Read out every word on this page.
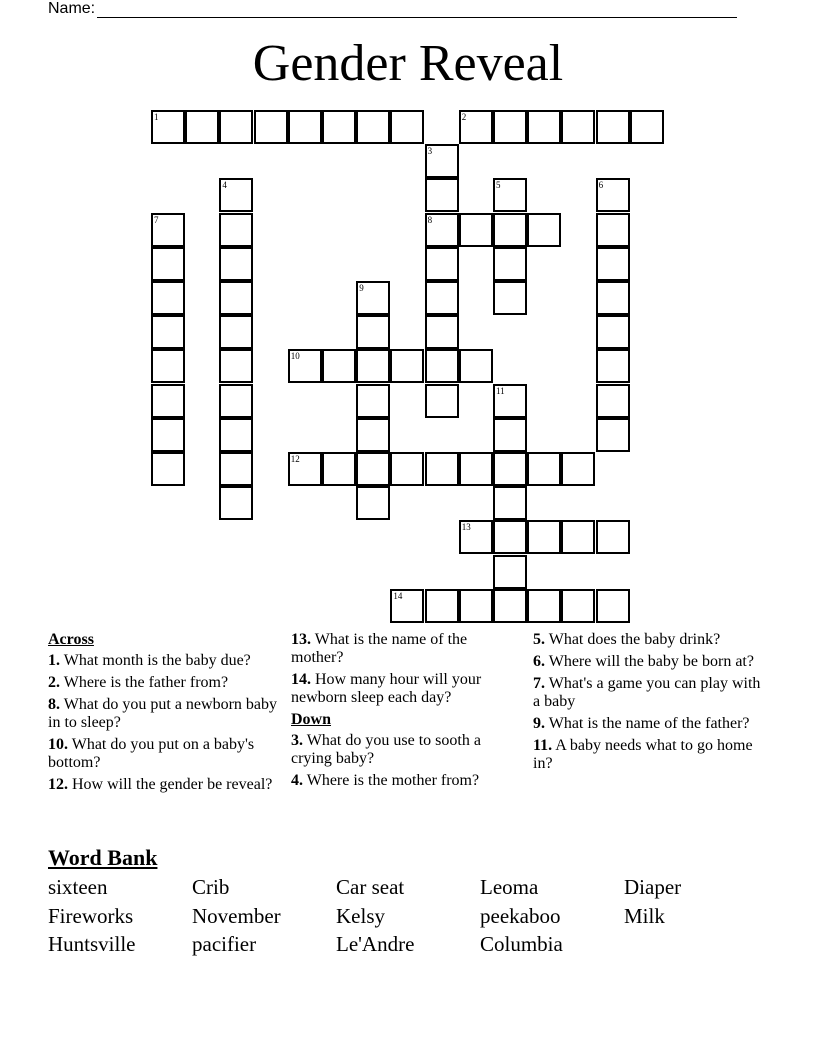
Name:
Gender Reveal
1	2
3
4	5	6
7	8
9
10
11
12
13
14
Across
1. What month is the baby due?
2. Where is the father from?
8. What do you put a newborn baby in to sleep?
10. What do you put on a baby's bottom?
12. How will the gender be reveal?
13. What is the name of the mother?
14. How many hour will your newborn sleep each day?
Down
3. What do you use to sooth a crying baby?
4. Where is the mother from?
5. What does the baby drink?
6. Where will the baby be born at?
7. What's a game you can play with a baby
9. What is the name of the father?
11. A baby needs what to go home in?
Word Bank
sixteen	Crib	Car seat	Leoma	Diaper
Fireworks	November	Kelsy	peekaboo	Milk
Huntsville	pacifier	Le'Andre	Columbia
